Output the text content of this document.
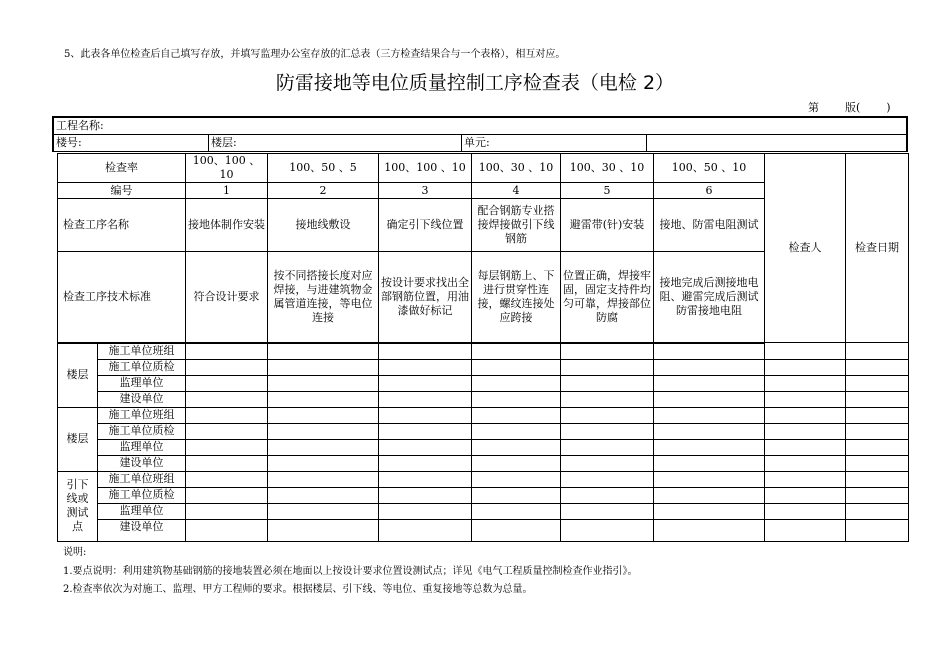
5、此表各单位检查后自己填写存放，并填写监理办公室存放的汇总表（三方检查结果合与一个表格），相互对应。
防雷接地等电位质量控制工序检查表（电检 2）
第 版( )
工程名称:
楼号:	楼层:	单元:	
检查率		100、100 、10	100、50 、5	100、100 、10	100、30 、10	100、30 、10	100、50 、10	检查人	检查日期
编号		1	2	3	4	5	6		
检查工序名称		接地体制作安装	接地线敷设	确定引下线位置	配合钢筋专业搭接焊接做引下线钢筋	避雷带(针)安装	接地、防雷电阻测试		
检查工序技术标准		符合设计要求	按不同搭接长度对应焊接，与进建筑物金属管道连接，等电位连接	按设计要求找出全部钢筋位置，用油漆做好标记	每层钢筋上、下进行贯穿性连接，螺纹连接处应跨接	位置正确，焊接牢固，固定支持件均匀可靠，焊接部位防腐	接地完成后测接地电阻、避雷完成后测试防雷接地电阻		
楼层	施工单位班组								
	施工单位质检								
	监理单位								
	建设单位								
楼层	施工单位班组								
	施工单位质检								
	监理单位								
	建设单位								
引下线或测试点	施工单位班组								
	施工单位质检								
	监理单位								
	建设单位								
说明:
1.要点说明：利用建筑物基础钢筋的接地装置必须在地面以上按设计要求位置设测试点；详见《电气工程质量控制检查作业指引》。
2.检查率依次为对施工、监理、甲方工程师的要求。根据楼层、引下线、等电位、重复接地等总数为总量。
